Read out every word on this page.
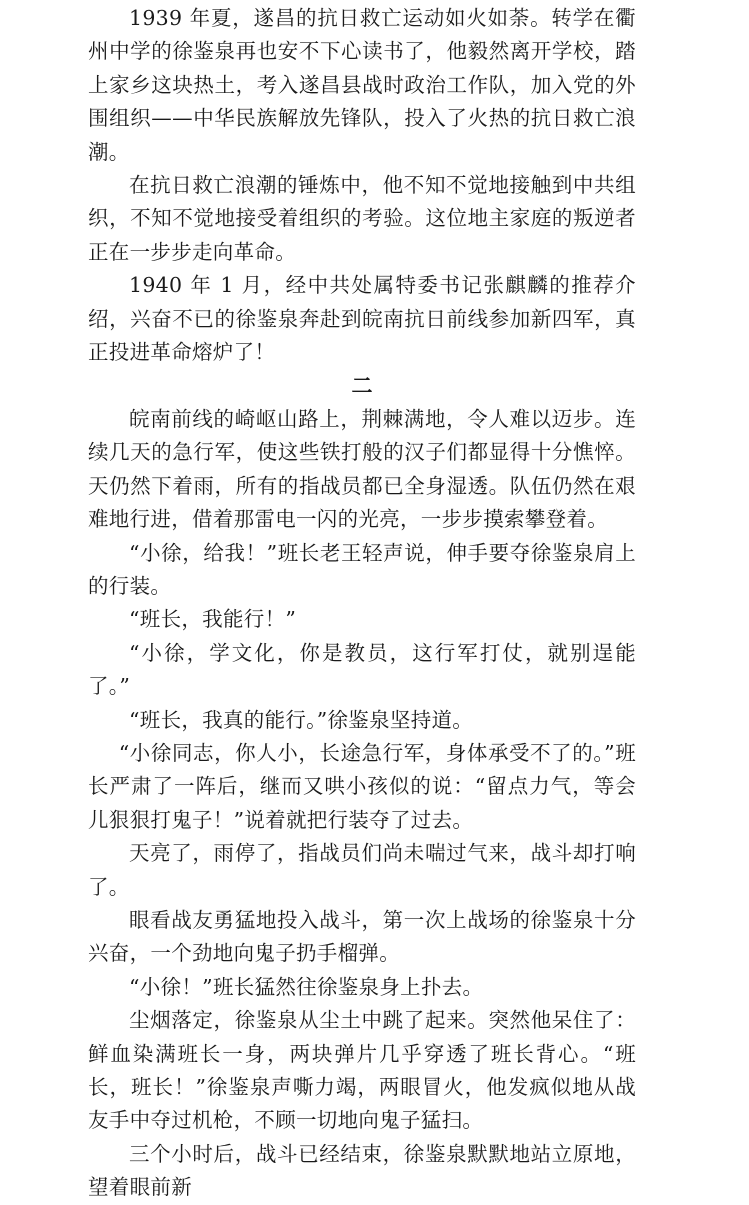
1939 年夏，遂昌的抗日救亡运动如火如荼。转学在衢州中学的徐鉴泉再也安不下心读书了，他毅然离开学校，踏上家乡这块热土，考入遂昌县战时政治工作队，加入党的外围组织——中华民族解放先锋队，投入了火热的抗日救亡浪潮。

在抗日救亡浪潮的锤炼中，他不知不觉地接触到中共组织，不知不觉地接受着组织的考验。这位地主家庭的叛逆者正在一步步走向革命。

1940 年 1 月，经中共处属特委书记张麒麟的推荐介绍，兴奋不已的徐鉴泉奔赴到皖南抗日前线参加新四军，真正投进革命熔炉了！

二

皖南前线的崎岖山路上，荆棘满地，令人难以迈步。连续几天的急行军，使这些铁打般的汉子们都显得十分憔悴。天仍然下着雨，所有的指战员都已全身湿透。队伍仍然在艰难地行进，借着那雷电一闪的光亮，一步步摸索攀登着。

“小徐，给我！”班长老王轻声说，伸手要夺徐鉴泉肩上的行装。

“班长，我能行！”

“小徐，学文化，你是教员，这行军打仗，就别逞能了。”

“班长，我真的能行。”徐鉴泉坚持道。

“小徐同志，你人小，长途急行军，身体承受不了的。”班长严肃了一阵后，继而又哄小孩似的说：“留点力气，等会儿狠狠打鬼子！”说着就把行装夺了过去。

天亮了，雨停了，指战员们尚未喘过气来，战斗却打响了。

眼看战友勇猛地投入战斗，第一次上战场的徐鉴泉十分兴奋，一个劲地向鬼子扔手榴弹。

“小徐！”班长猛然往徐鉴泉身上扑去。

尘烟落定，徐鉴泉从尘土中跳了起来。突然他呆住了：鲜血染满班长一身，两块弹片几乎穿透了班长背心。“班长，班长！”徐鉴泉声嘶力竭，两眼冒火，他发疯似地从战友手中夺过机枪，不顾一切地向鬼子猛扫。

三个小时后，战斗已经结束，徐鉴泉默默地站立原地，望着眼前新
